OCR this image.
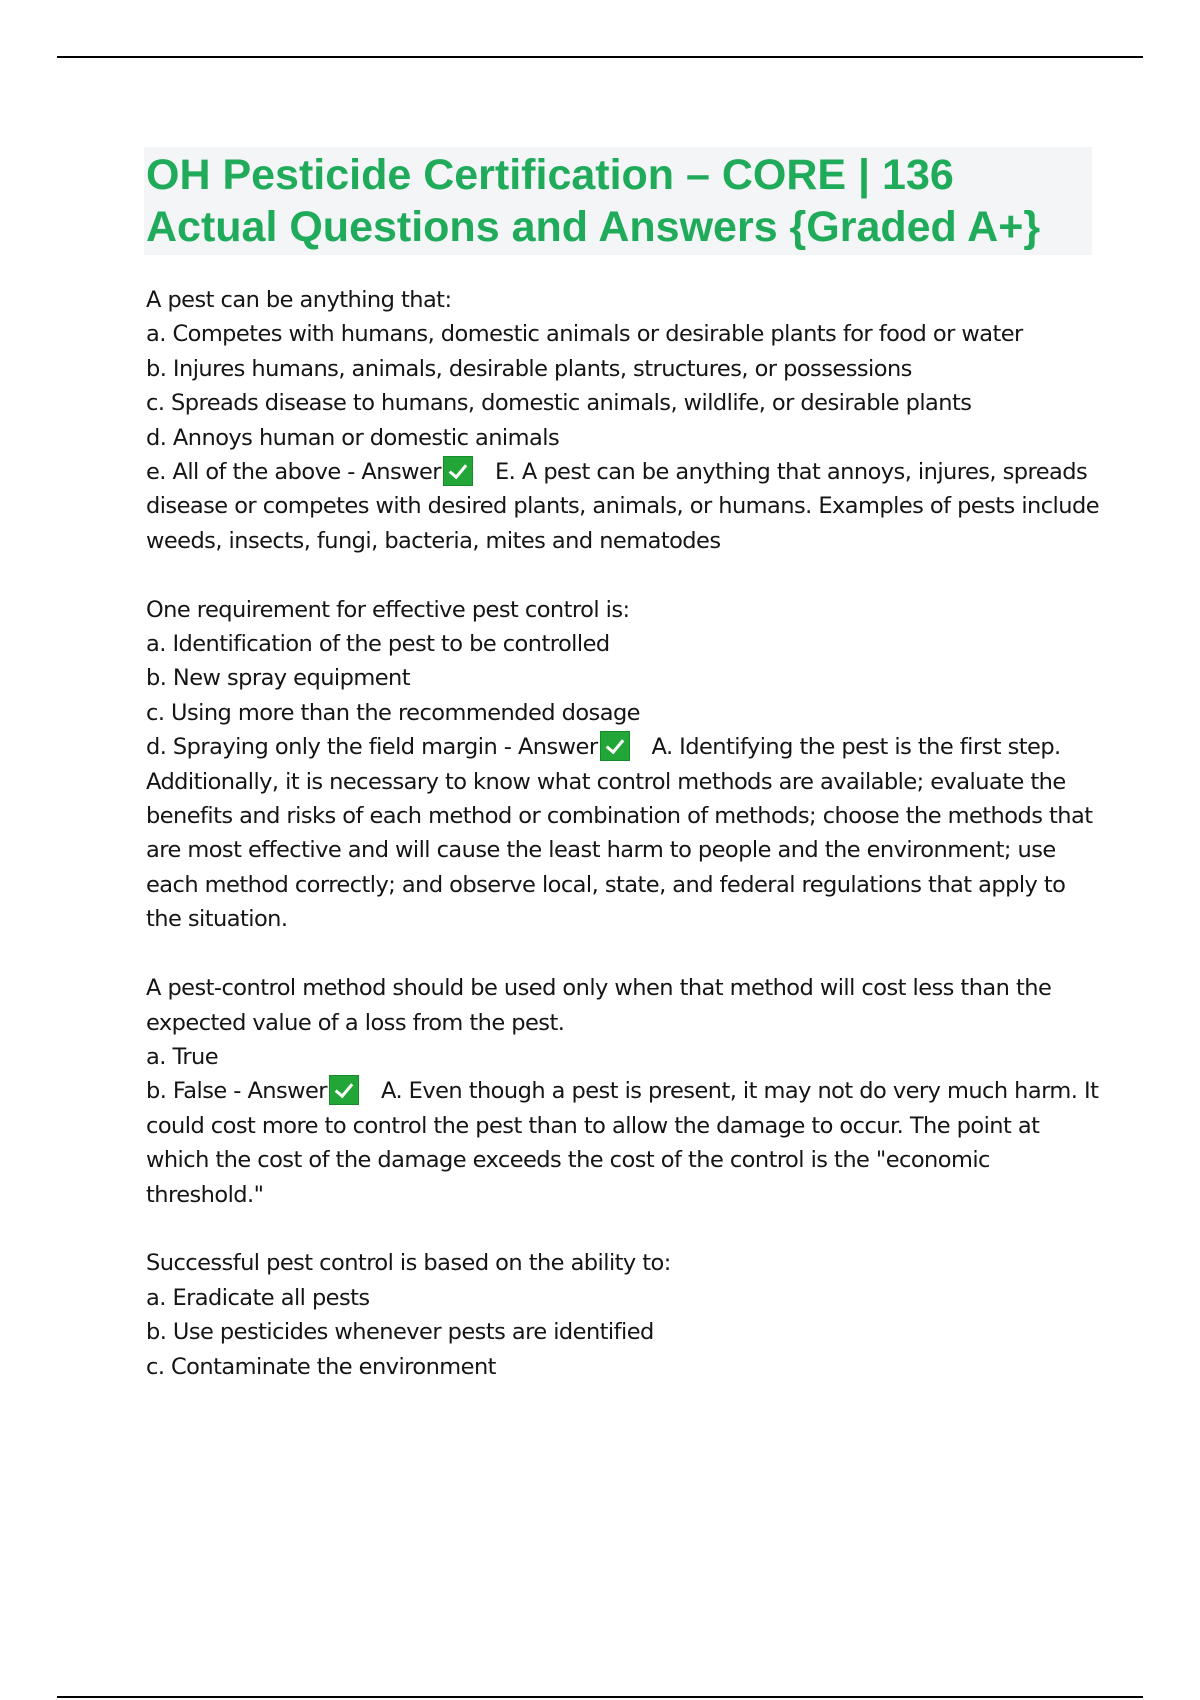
OH Pesticide Certification – CORE | 136
Actual Questions and Answers {Graded A+}
A pest can be anything that:
a. Competes with humans, domestic animals or desirable plants for food or water
b. Injures humans, animals, desirable plants, structures, or possessions
c. Spreads disease to humans, domestic animals, wildlife, or desirable plants
d. Annoys human or domestic animals
e. All of the above - Answer E. A pest can be anything that annoys, injures, spreads disease or competes with desired plants, animals, or humans. Examples of pests include weeds, insects, fungi, bacteria, mites and nematodes
One requirement for effective pest control is:
a. Identification of the pest to be controlled
b. New spray equipment
c. Using more than the recommended dosage
d. Spraying only the field margin - Answer A. Identifying the pest is the first step. Additionally, it is necessary to know what control methods are available; evaluate the benefits and risks of each method or combination of methods; choose the methods that are most effective and will cause the least harm to people and the environment; use each method correctly; and observe local, state, and federal regulations that apply to the situation.
A pest-control method should be used only when that method will cost less than the expected value of a loss from the pest.
a. True
b. False - Answer A. Even though a pest is present, it may not do very much harm. It could cost more to control the pest than to allow the damage to occur. The point at which the cost of the damage exceeds the cost of the control is the "economic threshold."
Successful pest control is based on the ability to:
a. Eradicate all pests
b. Use pesticides whenever pests are identified
c. Contaminate the environment
